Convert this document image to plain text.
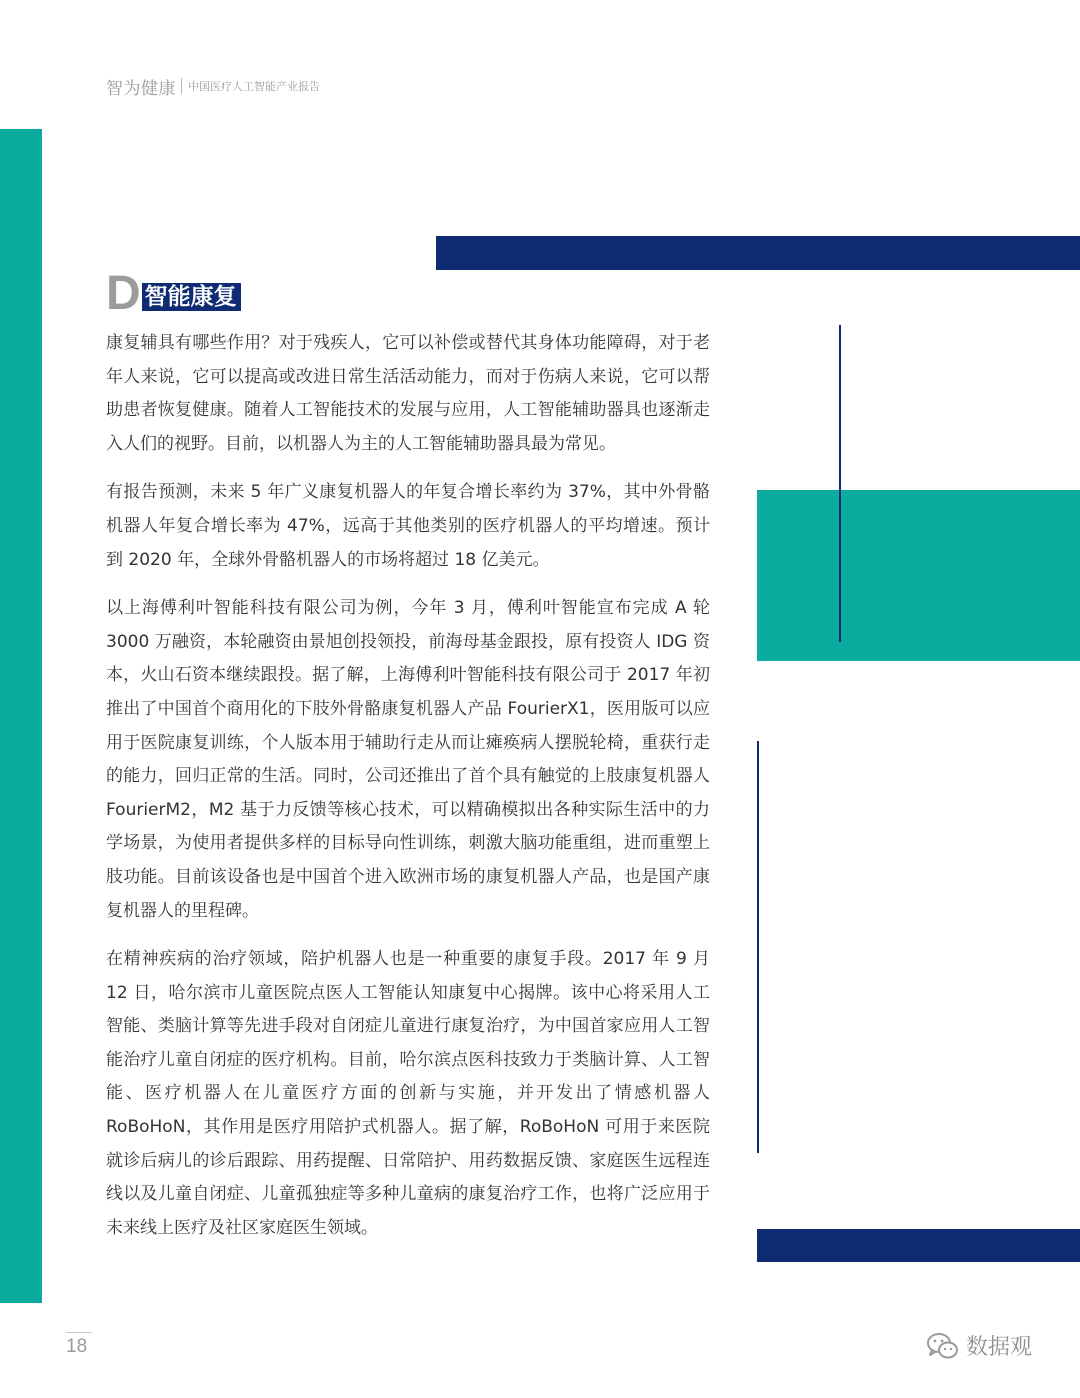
智为健康 中国医疗人工智能产业报告
D 智能康复

康复辅具有哪些作用？对于残疾人，它可以补偿或替代其身体功能障碍，对于老年人来说，它可以提高或改进日常生活活动能力，而对于伤病人来说，它可以帮助患者恢复健康。随着人工智能技术的发展与应用，人工智能辅助器具也逐渐走入人们的视野。目前，以机器人为主的人工智能辅助器具最为常见。

有报告预测，未来 5 年广义康复机器人的年复合增长率约为 37%，其中外骨骼机器人年复合增长率为 47%，远高于其他类别的医疗机器人的平均增速。预计到 2020 年，全球外骨骼机器人的市场将超过 18 亿美元。

以上海傅利叶智能科技有限公司为例，今年 3 月，傅利叶智能宣布完成 A 轮 3000 万融资，本轮融资由景旭创投领投，前海母基金跟投，原有投资人 IDG 资本，火山石资本继续跟投。据了解，上海傅利叶智能科技有限公司于 2017 年初推出了中国首个商用化的下肢外骨骼康复机器人产品 FourierX1，医用版可以应用于医院康复训练，个人版本用于辅助行走从而让瘫痪病人摆脱轮椅，重获行走的能力，回归正常的生活。同时，公司还推出了首个具有触觉的上肢康复机器人 FourierM2，M2 基于力反馈等核心技术，可以精确模拟出各种实际生活中的力学场景，为使用者提供多样的目标导向性训练，刺激大脑功能重组，进而重塑上肢功能。目前该设备也是中国首个进入欧洲市场的康复机器人产品，也是国产康复机器人的里程碑。

在精神疾病的治疗领域，陪护机器人也是一种重要的康复手段。2017 年 9 月 12 日，哈尔滨市儿童医院点医人工智能认知康复中心揭牌。该中心将采用人工智能、类脑计算等先进手段对自闭症儿童进行康复治疗，为中国首家应用人工智能治疗儿童自闭症的医疗机构。目前，哈尔滨点医科技致力于类脑计算、人工智能、医疗机器人在儿童医疗方面的创新与实施，并开发出了情感机器人 RoBoHoN，其作用是医疗用陪护式机器人。据了解，RoBoHoN 可用于来医院就诊后病儿的诊后跟踪、用药提醒、日常陪护、用药数据反馈、家庭医生远程连线以及儿童自闭症、儿童孤独症等多种儿童病的康复治疗工作，也将广泛应用于未来线上医疗及社区家庭医生领域。

18	数据观
